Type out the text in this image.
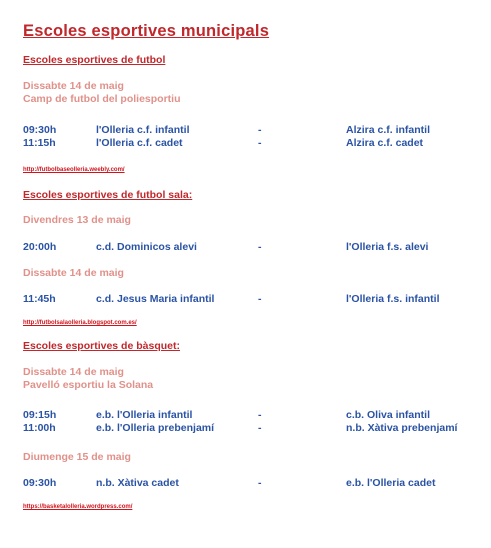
Escoles esportives municipals
Escoles esportives de futbol
Dissabte 14 de maig
Camp de futbol del poliesportiu
09:30h	l'Olleria c.f. infantil	-	Alzira c.f. infantil
11:15h	l'Olleria c.f. cadet	-	Alzira c.f. cadet
http://futbolbaseolleria.weebly.com/
Escoles esportives de futbol sala:
Divendres 13 de maig
20:00h	c.d. Dominicos alevi	-	l'Olleria f.s. alevi
Dissabte 14 de maig
11:45h	c.d. Jesus Maria infantil	-	l'Olleria f.s. infantil
http://futbolsalaolleria.blogspot.com.es/
Escoles esportives de bàsquet:
Dissabte 14 de maig
Pavelló esportiu la Solana
09:15h	e.b. l'Olleria infantil	-	c.b. Oliva infantil
11:00h	e.b. l'Olleria prebenjamí	-	n.b. Xàtiva prebenjamí
Diumenge 15 de maig
09:30h	n.b. Xàtiva cadet	-	e.b. l'Olleria cadet
https://basketalolleria.wordpress.com/
